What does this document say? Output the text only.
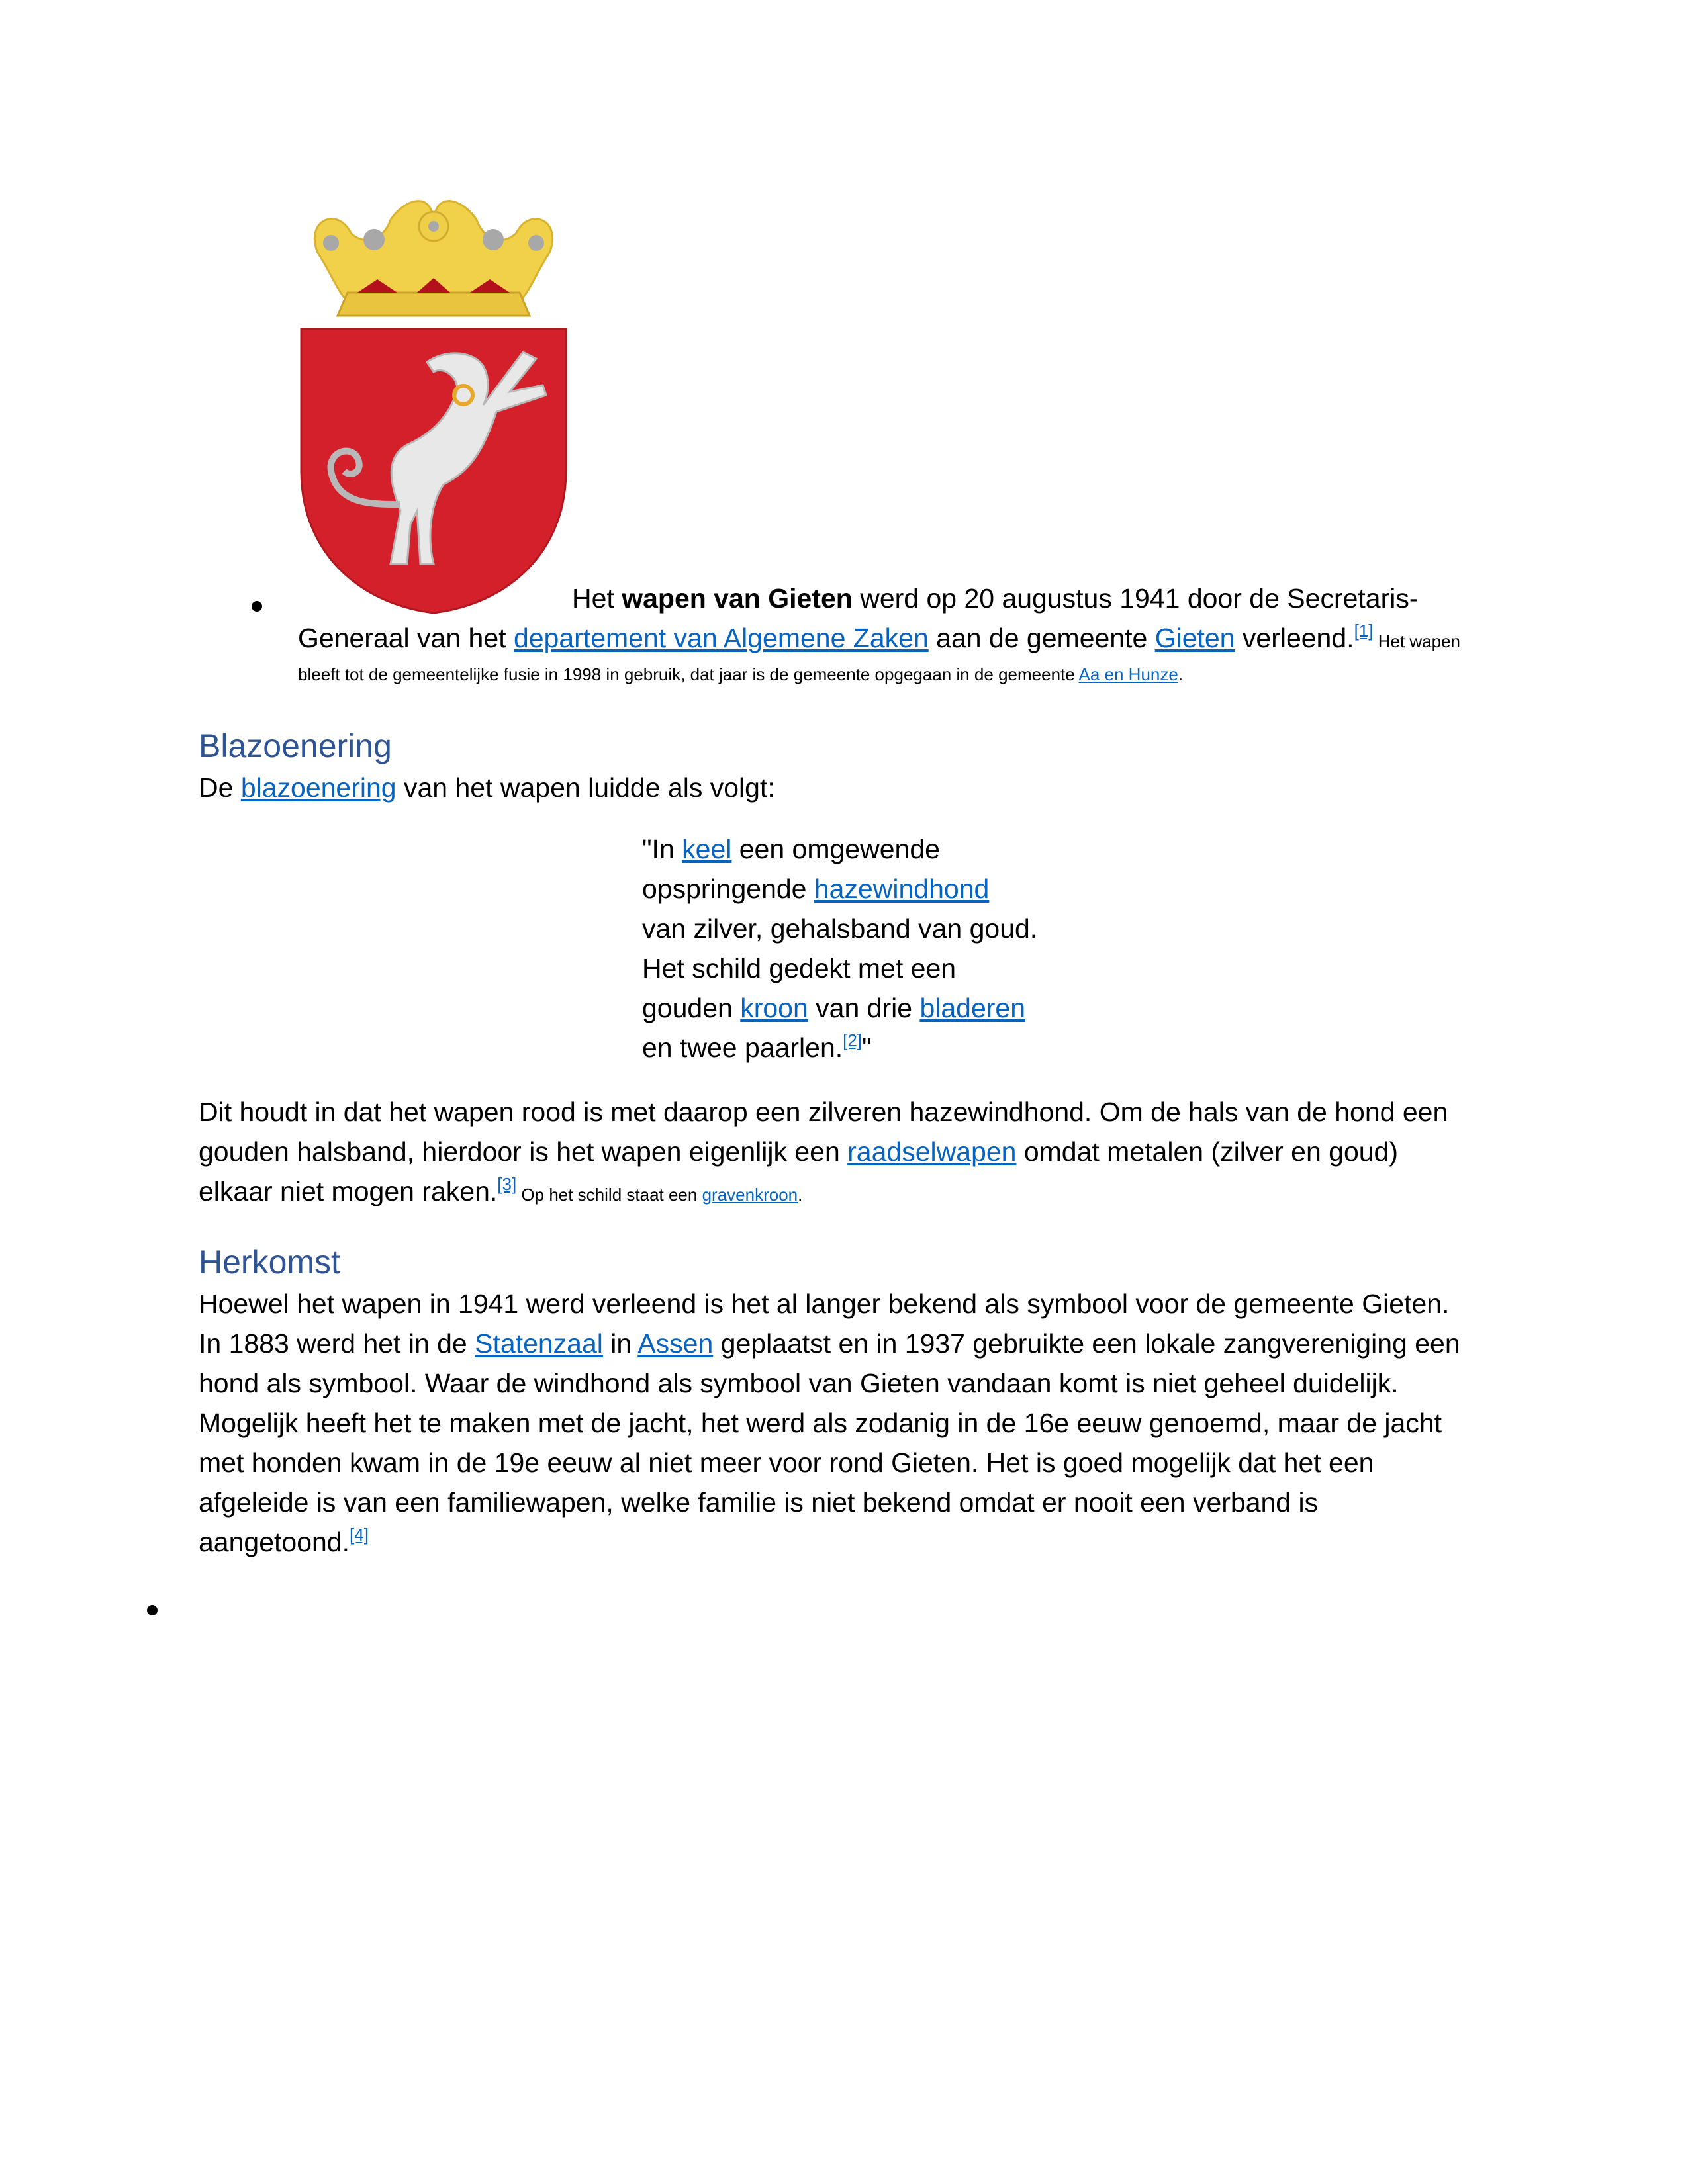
Het wapen van Gieten werd op 20 augustus 1941 door de Secretaris-
Generaal van het departement van Algemene Zaken aan de gemeente Gieten verleend.[1] Het wapen
bleeft tot de gemeentelijke fusie in 1998 in gebruik, dat jaar is de gemeente opgegaan in de gemeente Aa en Hunze.
Blazoenering
De blazoenering van het wapen luidde als volgt:
"In keel een omgewende
opspringende hazewindhond
van zilver, gehalsband van goud.
Het schild gedekt met een
gouden kroon van drie bladeren
en twee paarlen.[2]"
Dit houdt in dat het wapen rood is met daarop een zilveren hazewindhond. Om de hals van de hond een
gouden halsband, hierdoor is het wapen eigenlijk een raadselwapen omdat metalen (zilver en goud)
elkaar niet mogen raken.[3] Op het schild staat een gravenkroon.
Herkomst
Hoewel het wapen in 1941 werd verleend is het al langer bekend als symbool voor de gemeente Gieten.
In 1883 werd het in de Statenzaal in Assen geplaatst en in 1937 gebruikte een lokale zangvereniging een
hond als symbool. Waar de windhond als symbool van Gieten vandaan komt is niet geheel duidelijk.
Mogelijk heeft het te maken met de jacht, het werd als zodanig in de 16e eeuw genoemd, maar de jacht
met honden kwam in de 19e eeuw al niet meer voor rond Gieten. Het is goed mogelijk dat het een
afgeleide is van een familiewapen, welke familie is niet bekend omdat er nooit een verband is
aangetoond.[4]
